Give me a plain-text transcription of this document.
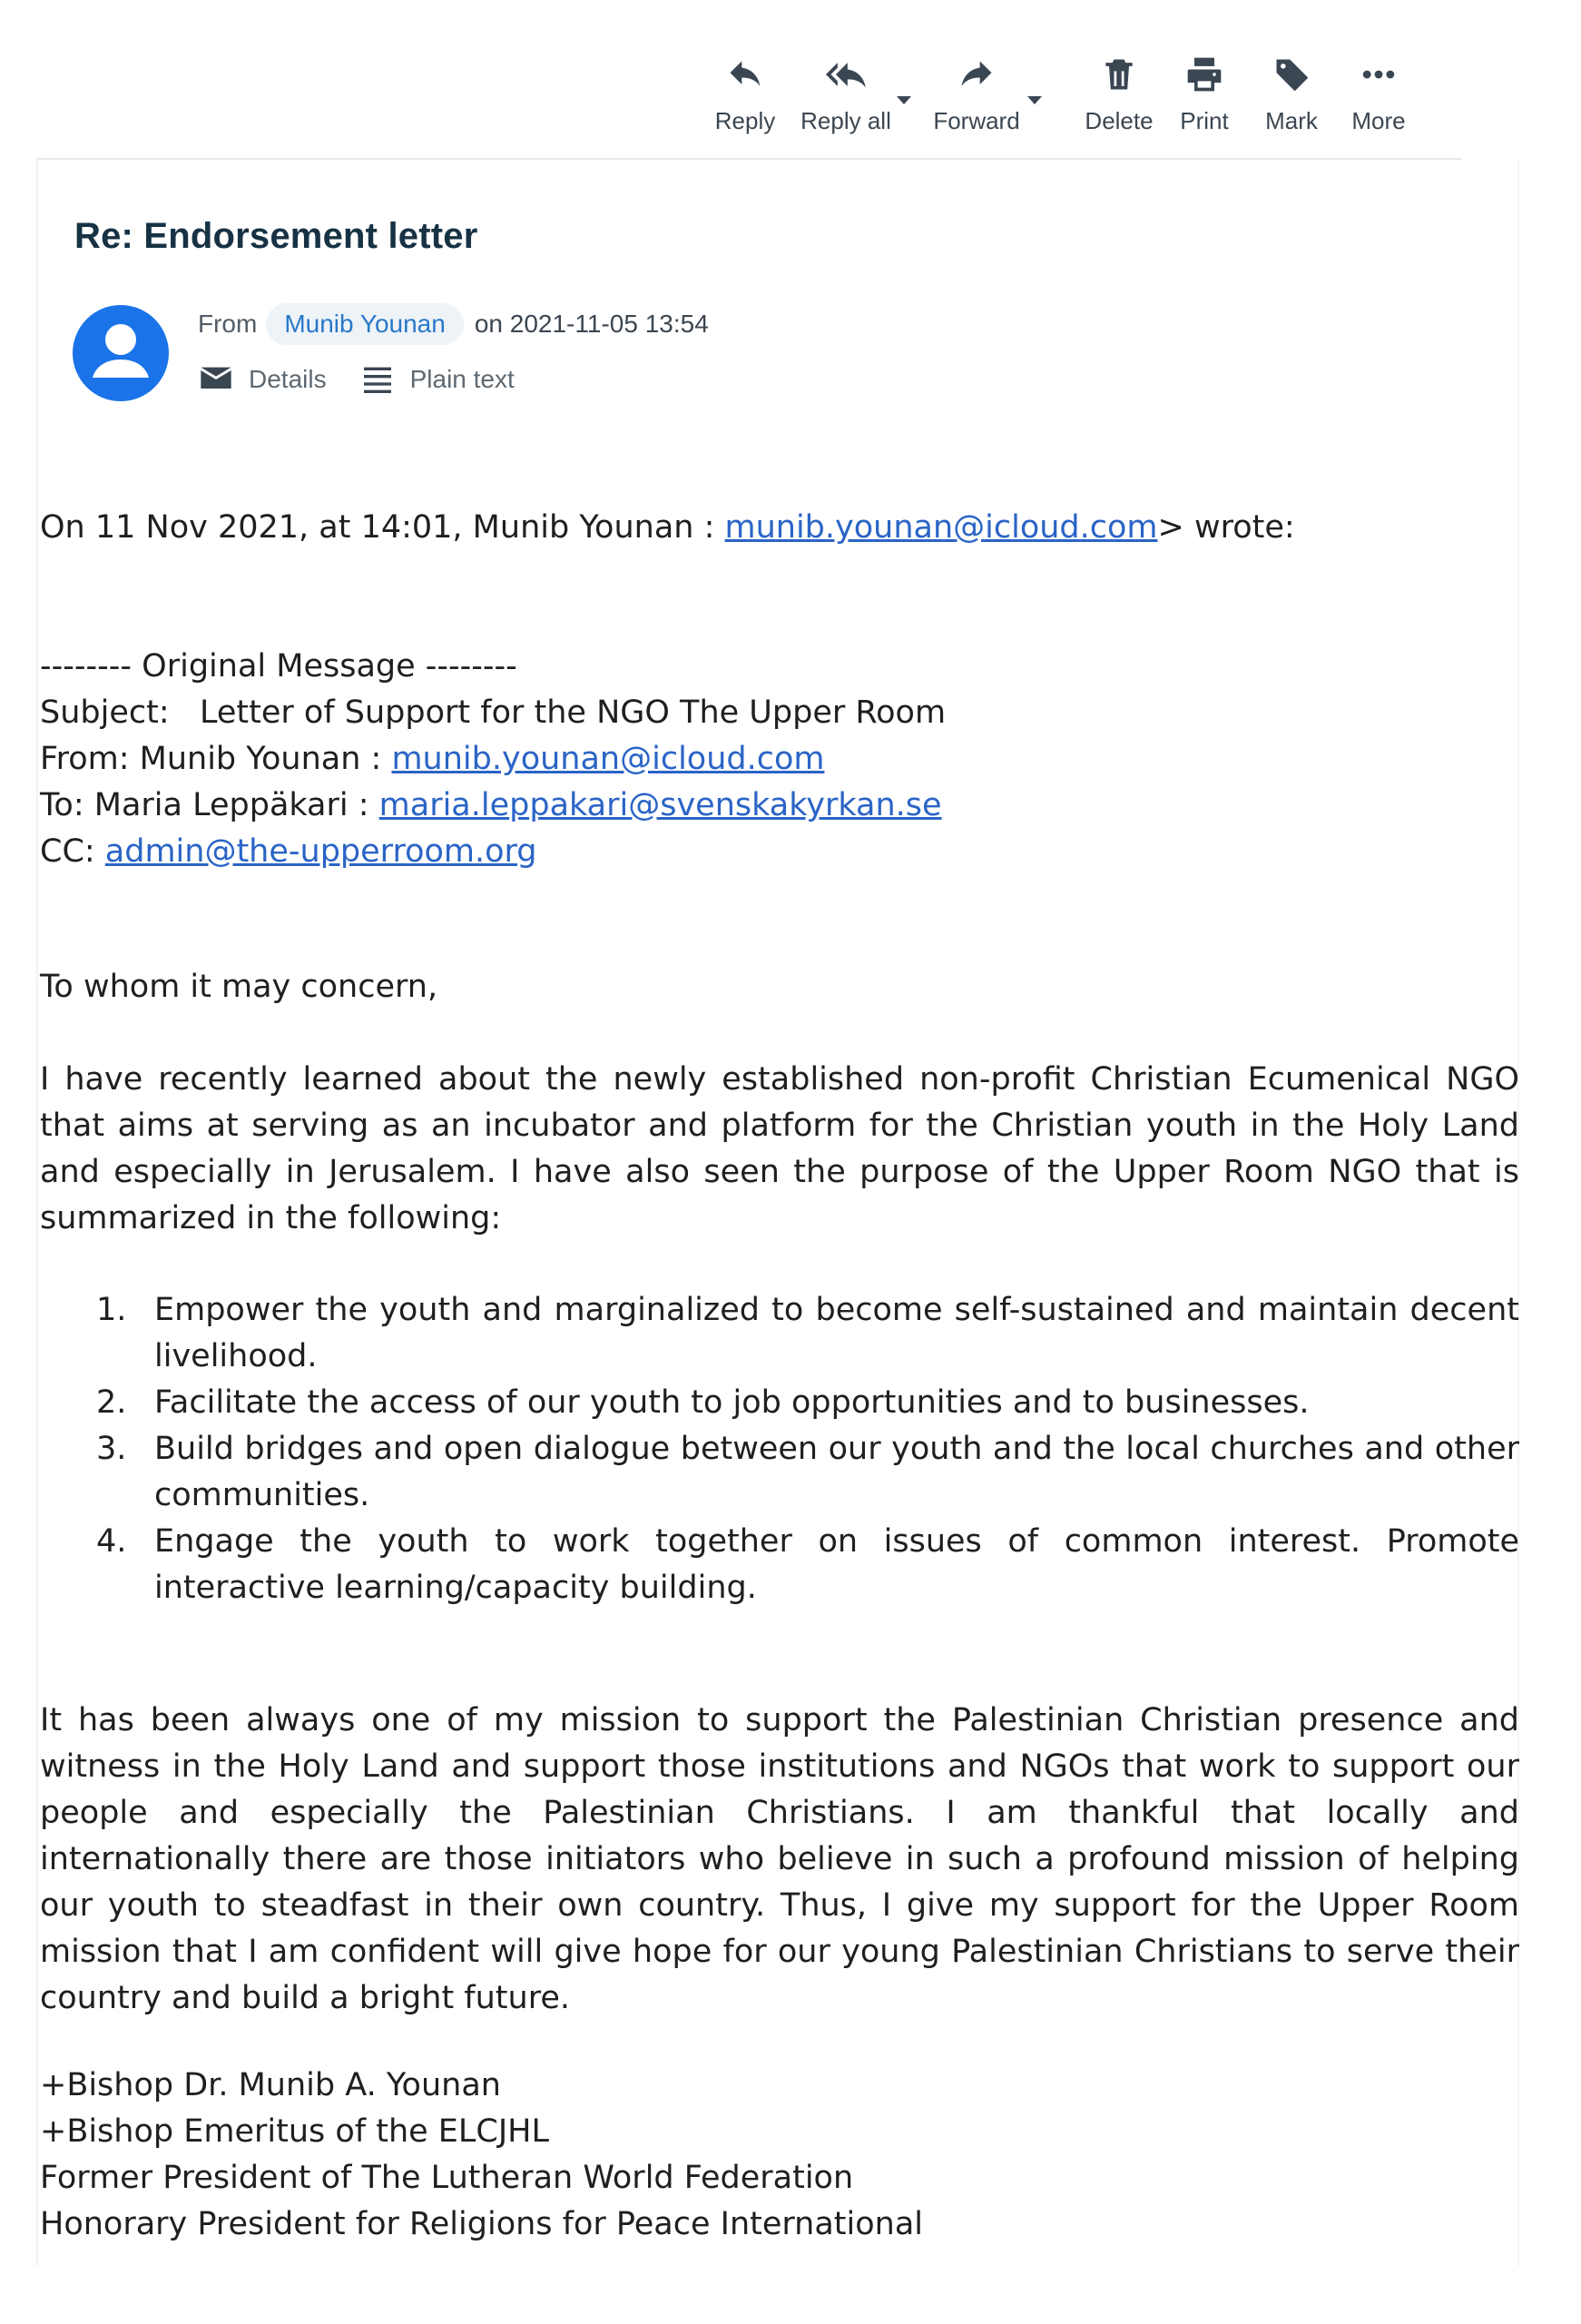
Reply Reply all Forward	Delete Print Mark More
Re: Endorsement letter
From	Munib Younan	on 2021-11-05 13:54
Details	Plain text
On 11 Nov 2021, at 14:01, Munib Younan : munib.younan@icloud.com> wrote:
-------- Original Message --------
Subject:   Letter of Support for the NGO The Upper Room
From: Munib Younan : munib.younan@icloud.com
To: Maria Leppäkari : maria.leppakari@svenskakyrkan.se
CC: admin@the-upperroom.org
To whom it may concern,
I have recently learned about the newly established non-profit Christian Ecumenical NGO that aims at serving as an incubator and platform for the Christian youth in the Holy Land and especially in Jerusalem. I have also seen the purpose of the Upper Room NGO that is summarized in the following:
1. Empower the youth and marginalized to become self-sustained and maintain decent livelihood.
2. Facilitate the access of our youth to job opportunities and to businesses.
3. Build bridges and open dialogue between our youth and the local churches and other communities.
4. Engage the youth to work together on issues of common interest. Promote interactive learning/capacity building.
It has been always one of my mission to support the Palestinian Christian presence and witness in the Holy Land and support those institutions and NGOs that work to support our people and especially the Palestinian Christians. I am thankful that locally and internationally there are those initiators who believe in such a profound mission of helping our youth to steadfast in their own country. Thus, I give my support for the Upper Room mission that I am confident will give hope for our young Palestinian Christians to serve their country and build a bright future.
+Bishop Dr. Munib A. Younan
+Bishop Emeritus of the ELCJHL
Former President of The Lutheran World Federation
Honorary President for Religions for Peace International
